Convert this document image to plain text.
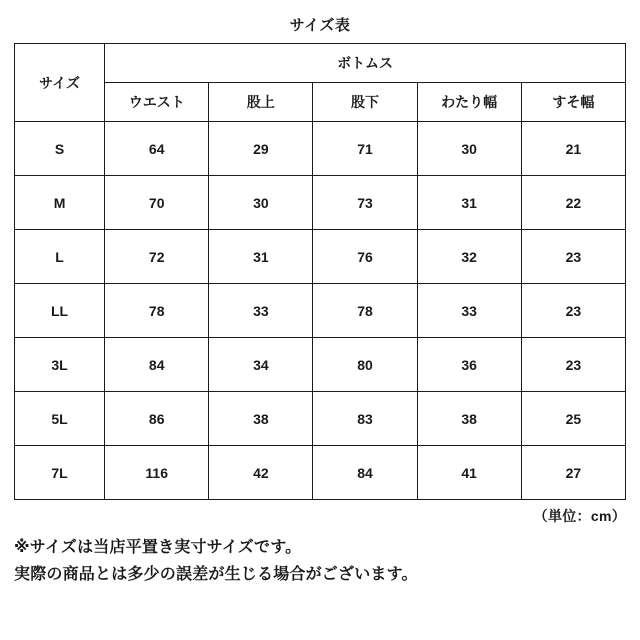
サイズ表
サイズ	ボトムス				
	ウエスト	股上	股下	わたり幅	すそ幅
S	64	29	71	30	21
M	70	30	73	31	22
L	72	31	76	32	23
LL	78	33	78	33	23
3L	84	34	80	36	23
5L	86	38	83	38	25
7L	116	42	84	41	27
（単位：cm）

※サイズは当店平置き実寸サイズです。

実際の商品とは多少の誤差が生じる場合がございます。
